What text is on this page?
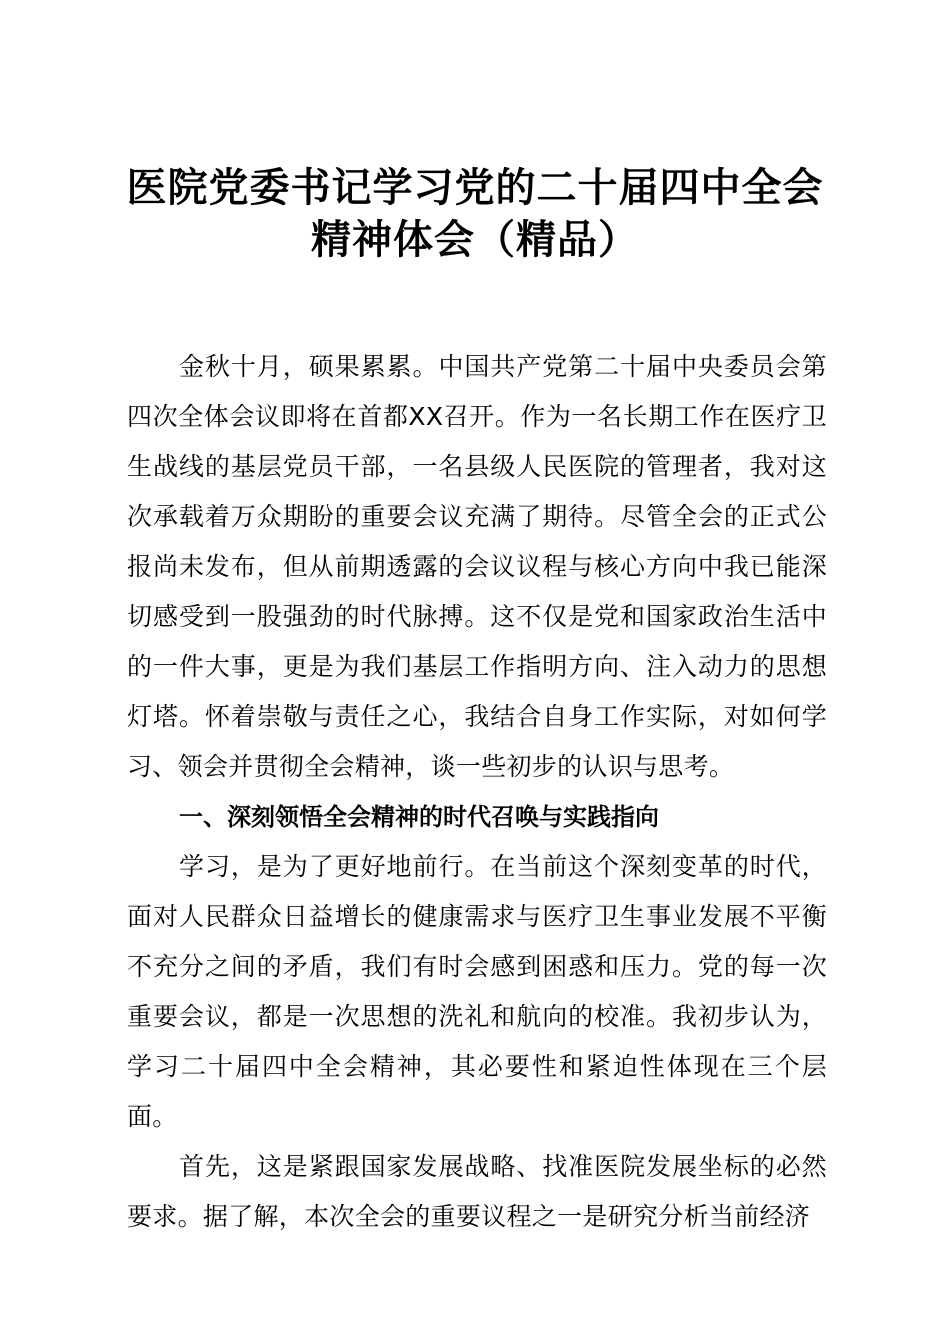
医院党委书记学习党的二十届四中全会精神体会（精品）

金秋十月，硕果累累。中国共产党第二十届中央委员会第四次全体会议即将在首都XX召开。作为一名长期工作在医疗卫生战线的基层党员干部，一名县级人民医院的管理者，我对这次承载着万众期盼的重要会议充满了期待。尽管全会的正式公报尚未发布，但从前期透露的会议议程与核心方向中我已能深切感受到一股强劲的时代脉搏。这不仅是党和国家政治生活中的一件大事，更是为我们基层工作指明方向、注入动力的思想灯塔。怀着崇敬与责任之心，我结合自身工作实际，对如何学习、领会并贯彻全会精神，谈一些初步的认识与思考。

一、深刻领悟全会精神的时代召唤与实践指向

学习，是为了更好地前行。在当前这个深刻变革的时代，面对人民群众日益增长的健康需求与医疗卫生事业发展不平衡不充分之间的矛盾，我们有时会感到困惑和压力。党的每一次重要会议，都是一次思想的洗礼和航向的校准。我初步认为，学习二十届四中全会精神，其必要性和紧迫性体现在三个层面。

首先，这是紧跟国家发展战略、找准医院发展坐标的必然要求。据了解，本次全会的重要议程之一是研究分析当前经济
